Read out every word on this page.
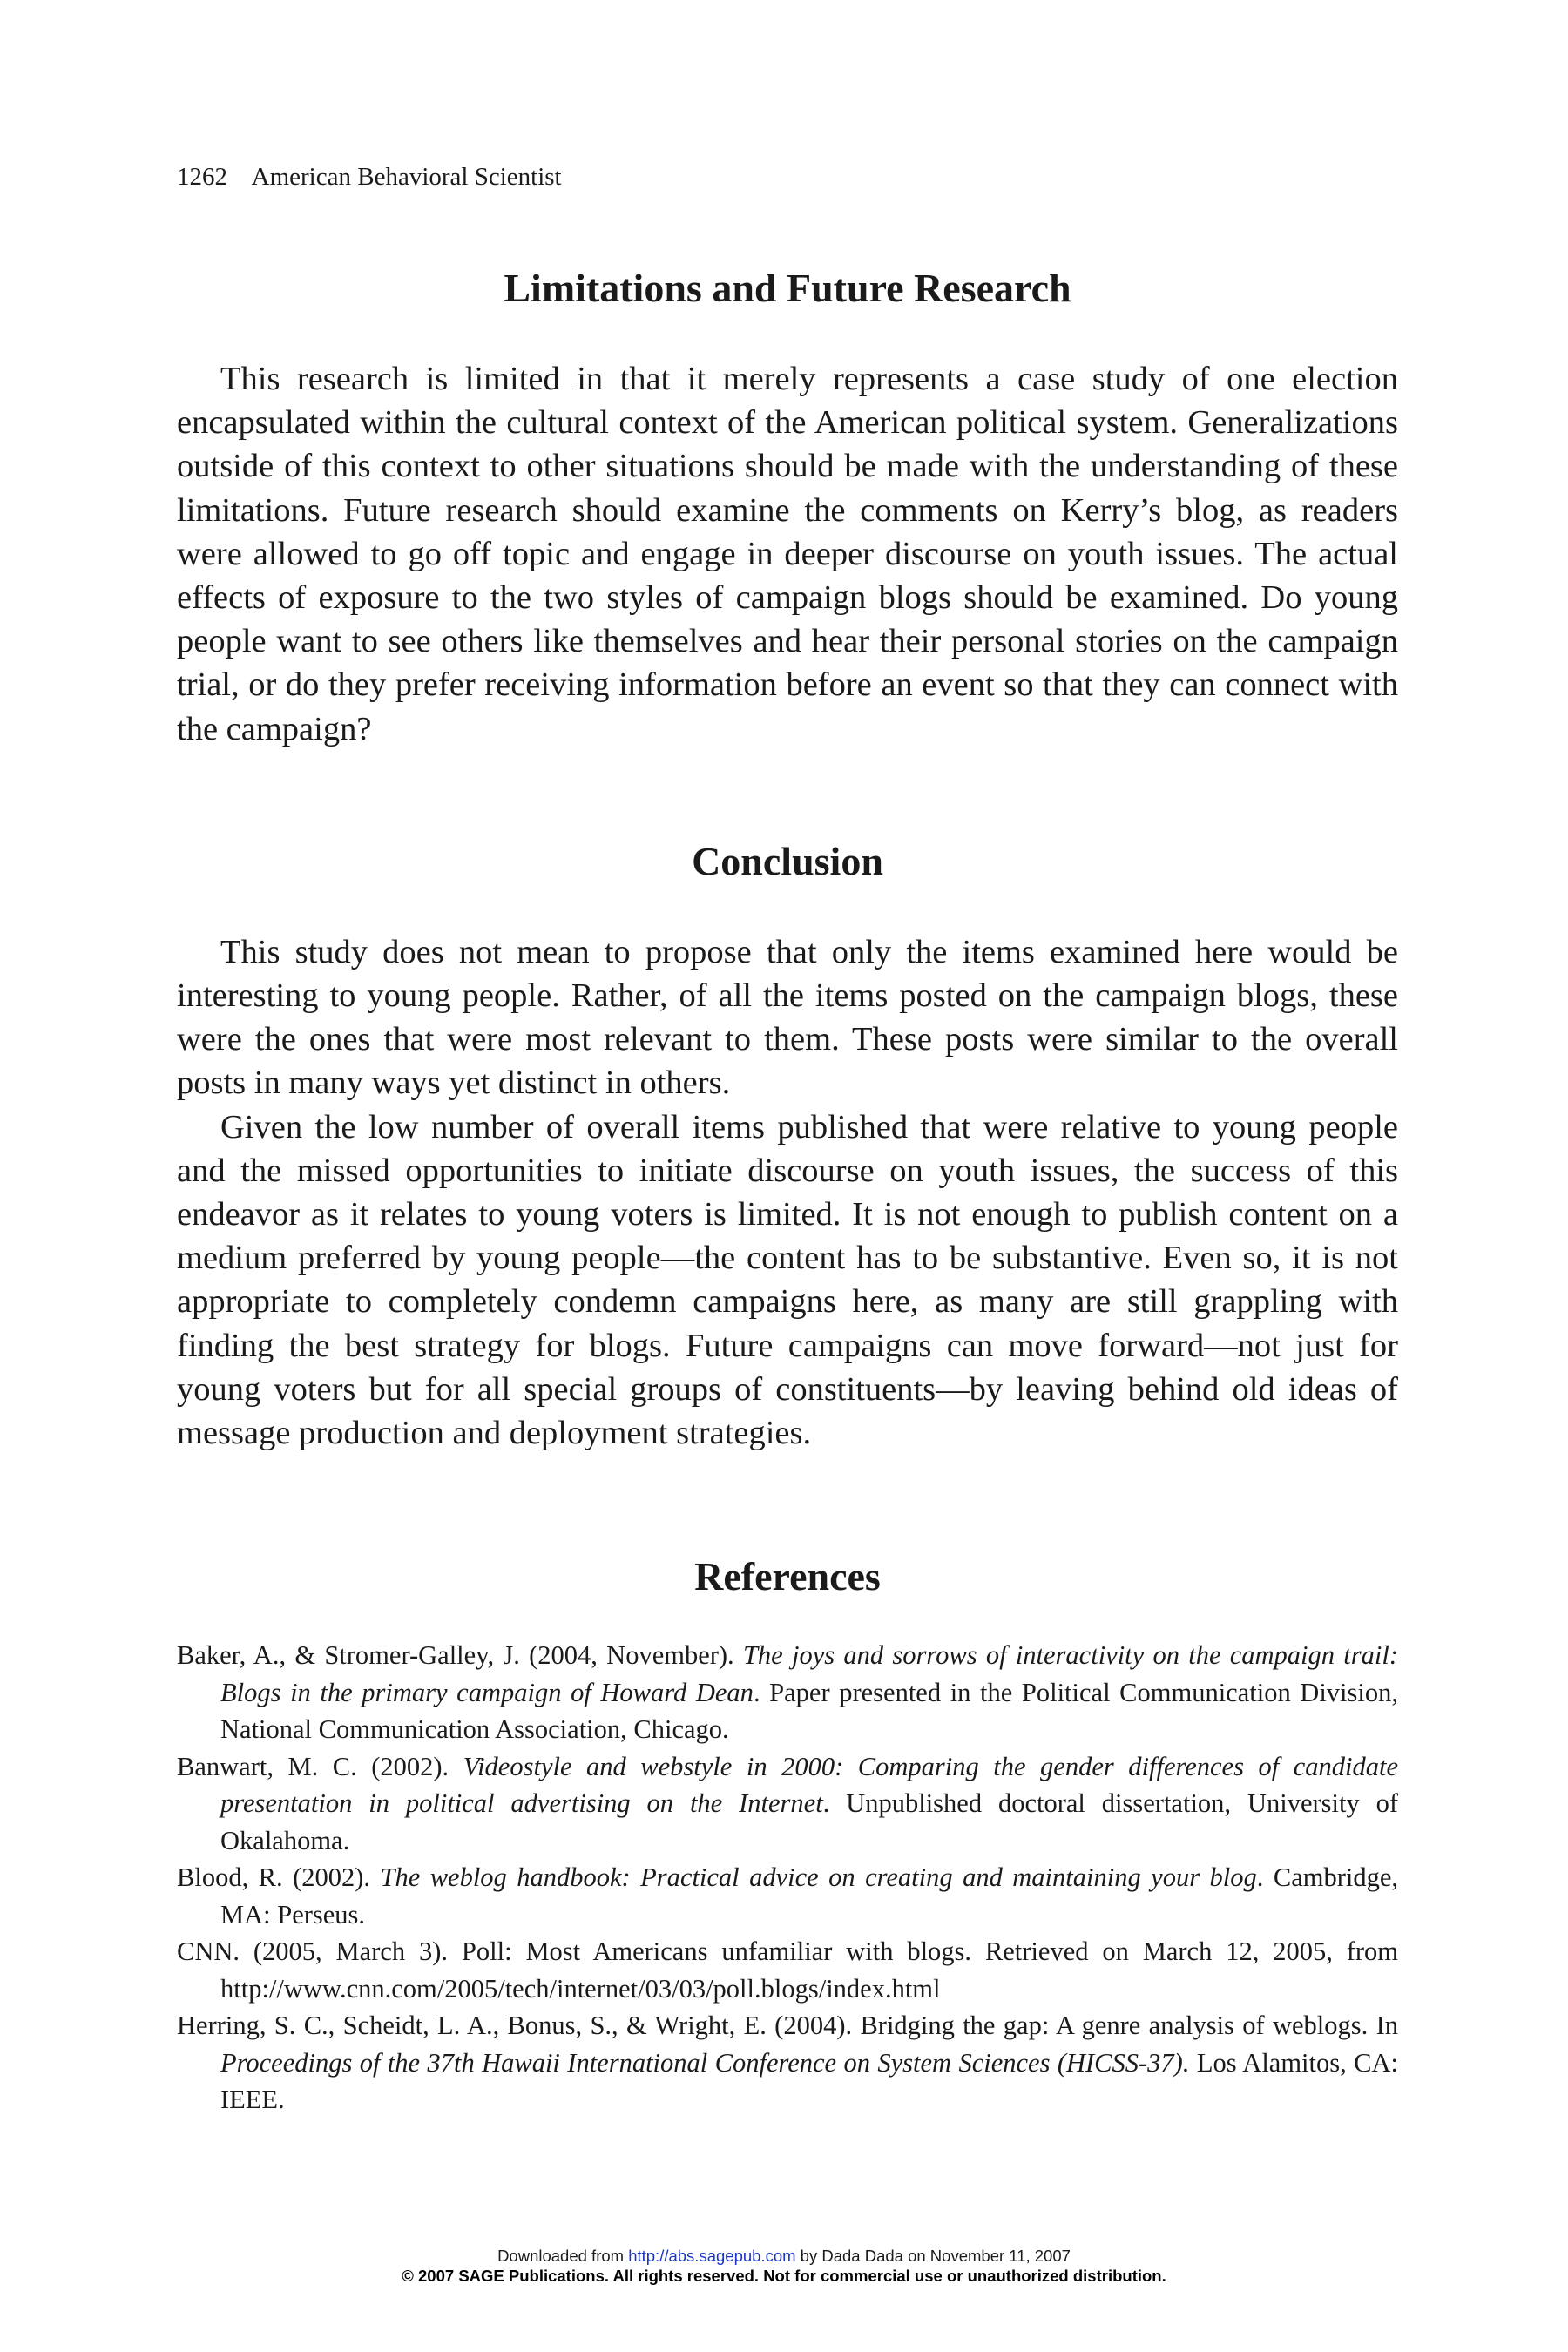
1262 American Behavioral Scientist
Limitations and Future Research

This research is limited in that it merely represents a case study of one election encapsulated within the cultural context of the American political system. Generalizations outside of this context to other situations should be made with the understanding of these limitations. Future research should examine the comments on Kerry’s blog, as readers were allowed to go off topic and engage in deeper discourse on youth issues. The actual effects of exposure to the two styles of campaign blogs should be examined. Do young people want to see others like themselves and hear their personal stories on the campaign trial, or do they prefer receiving information before an event so that they can connect with the campaign?

Conclusion

This study does not mean to propose that only the items examined here would be interesting to young people. Rather, of all the items posted on the campaign blogs, these were the ones that were most relevant to them. These posts were similar to the overall posts in many ways yet distinct in others.

Given the low number of overall items published that were relative to young people and the missed opportunities to initiate discourse on youth issues, the success of this endeavor as it relates to young voters is limited. It is not enough to publish content on a medium preferred by young people—the content has to be substantive. Even so, it is not appropriate to completely condemn campaigns here, as many are still grappling with finding the best strategy for blogs. Future campaigns can move forward—not just for young voters but for all special groups of constituents—by leaving behind old ideas of message production and deployment strategies.

References
Baker, A., & Stromer-Galley, J. (2004, November). The joys and sorrows of interactivity on the campaign trail: Blogs in the primary campaign of Howard Dean. Paper presented in the Political Communication Division, National Communication Association, Chicago.
Banwart, M. C. (2002). Videostyle and webstyle in 2000: Comparing the gender differences of candidate presentation in political advertising on the Internet. Unpublished doctoral dissertation, University of Okalahoma.
Blood, R. (2002). The weblog handbook: Practical advice on creating and maintaining your blog. Cambridge, MA: Perseus.
CNN. (2005, March 3). Poll: Most Americans unfamiliar with blogs. Retrieved on March 12, 2005, from http://www.cnn.com/2005/tech/internet/03/03/poll.blogs/index.html
Herring, S. C., Scheidt, L. A., Bonus, S., & Wright, E. (2004). Bridging the gap: A genre analysis of weblogs. In Proceedings of the 37th Hawaii International Conference on System Sciences (HICSS-37). Los Alamitos, CA: IEEE.
Downloaded from http://abs.sagepub.com by Dada Dada on November 11, 2007
© 2007 SAGE Publications. All rights reserved. Not for commercial use or unauthorized distribution.
